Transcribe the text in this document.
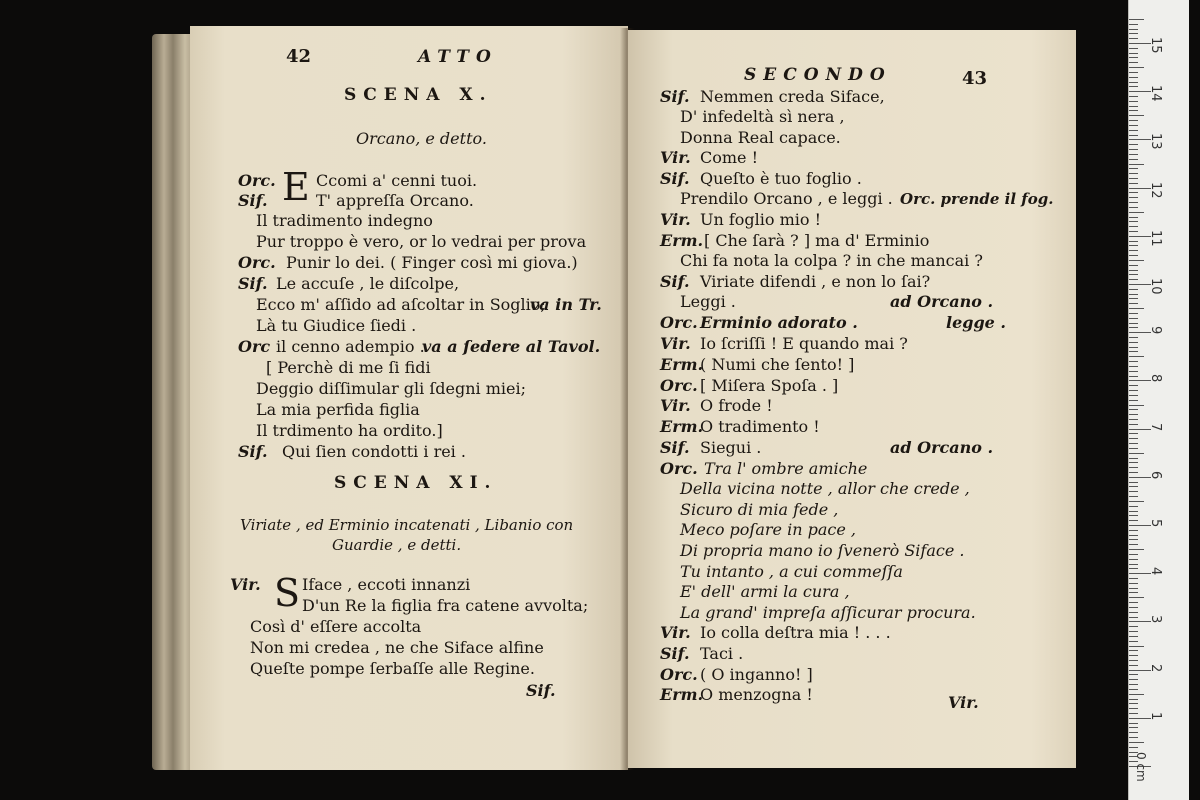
42	ATTO
SCENA X.
Orcano, e detto.
E
Orc.	Ccomi a' cenni tuoi.
Sif.	T' appreſſa Orcano.
Il tradimento indegno
Pur troppo è vero, or lo vedrai per prova
Orc. Punir lo dei. ( Finger così mi giova.)
Sif. Le accuſe , le diſcolpe,
Ecco m' aſſido ad aſcoltar in Soglio;
va in Tr.
Là tu Giudice ſiedi .
Orc il cenno adempio .
va a ſedere al Tavol.
[ Perchè di me ſi fidi
Deggio diſſimular gli ſdegni miei;
La mia perfida figlia
Il trdimento ha ordito.]
Sif. Qui ſien condotti i rei .
SCENA XI.
Viriate , ed Erminio incatenati , Libanio con
Guardie , e detti.
S
Vir.	Iface , eccoti innanzi
D'un Re la figlia fra catene avvolta;
Così d' eſſere accolta
Non mi credea , ne che Siface alfine
Queſte pompe ſerbaſſe alle Regine.
Sif.
SECONDO	43
Sif. Nemmen creda Siface,
D' infedeltà sì nera ,
Donna Real capace.
Vir. Come !
Sif. Queſto è tuo foglio .
Prendilo Orcano , e leggi . Orc. prende il fog.
Vir. Un foglio mio !
Erm. [ Che ſarà ? ] ma d' Erminio
Chi fa nota la colpa ? in che mancai ?
Sif. Viriate difendi , e non lo ſai?
Leggi .	ad Orcano .
Orc. Erminio adorato .	legge .
Vir. Io ſcriſſi ! E quando mai ?
Erm.
( Numi che ſento! ]
Orc. [ Miſera Spoſa . ]
Vir. O frode !
Erm.
O tradimento !
Sif. Siegui .	ad Orcano .
Orc. Tra l' ombre amiche
Della vicina notte , allor che crede ,
Sicuro di mia fede ,
Meco poſare in pace ,
Di propria mano io ſvenerò Siface .
Tu intanto , a cui commeſſa
E' dell' armi la cura ,
La grand' impreſa aſſicurar procura.
Vir. Io colla deſtra mia ! . . .
Sif. Taci .
Orc. ( O inganno! ]
Erm.
O menzogna !	Vir.
1
2
3
4
5
6
7
8
9
10
11
12
13
14
15
0 cm
